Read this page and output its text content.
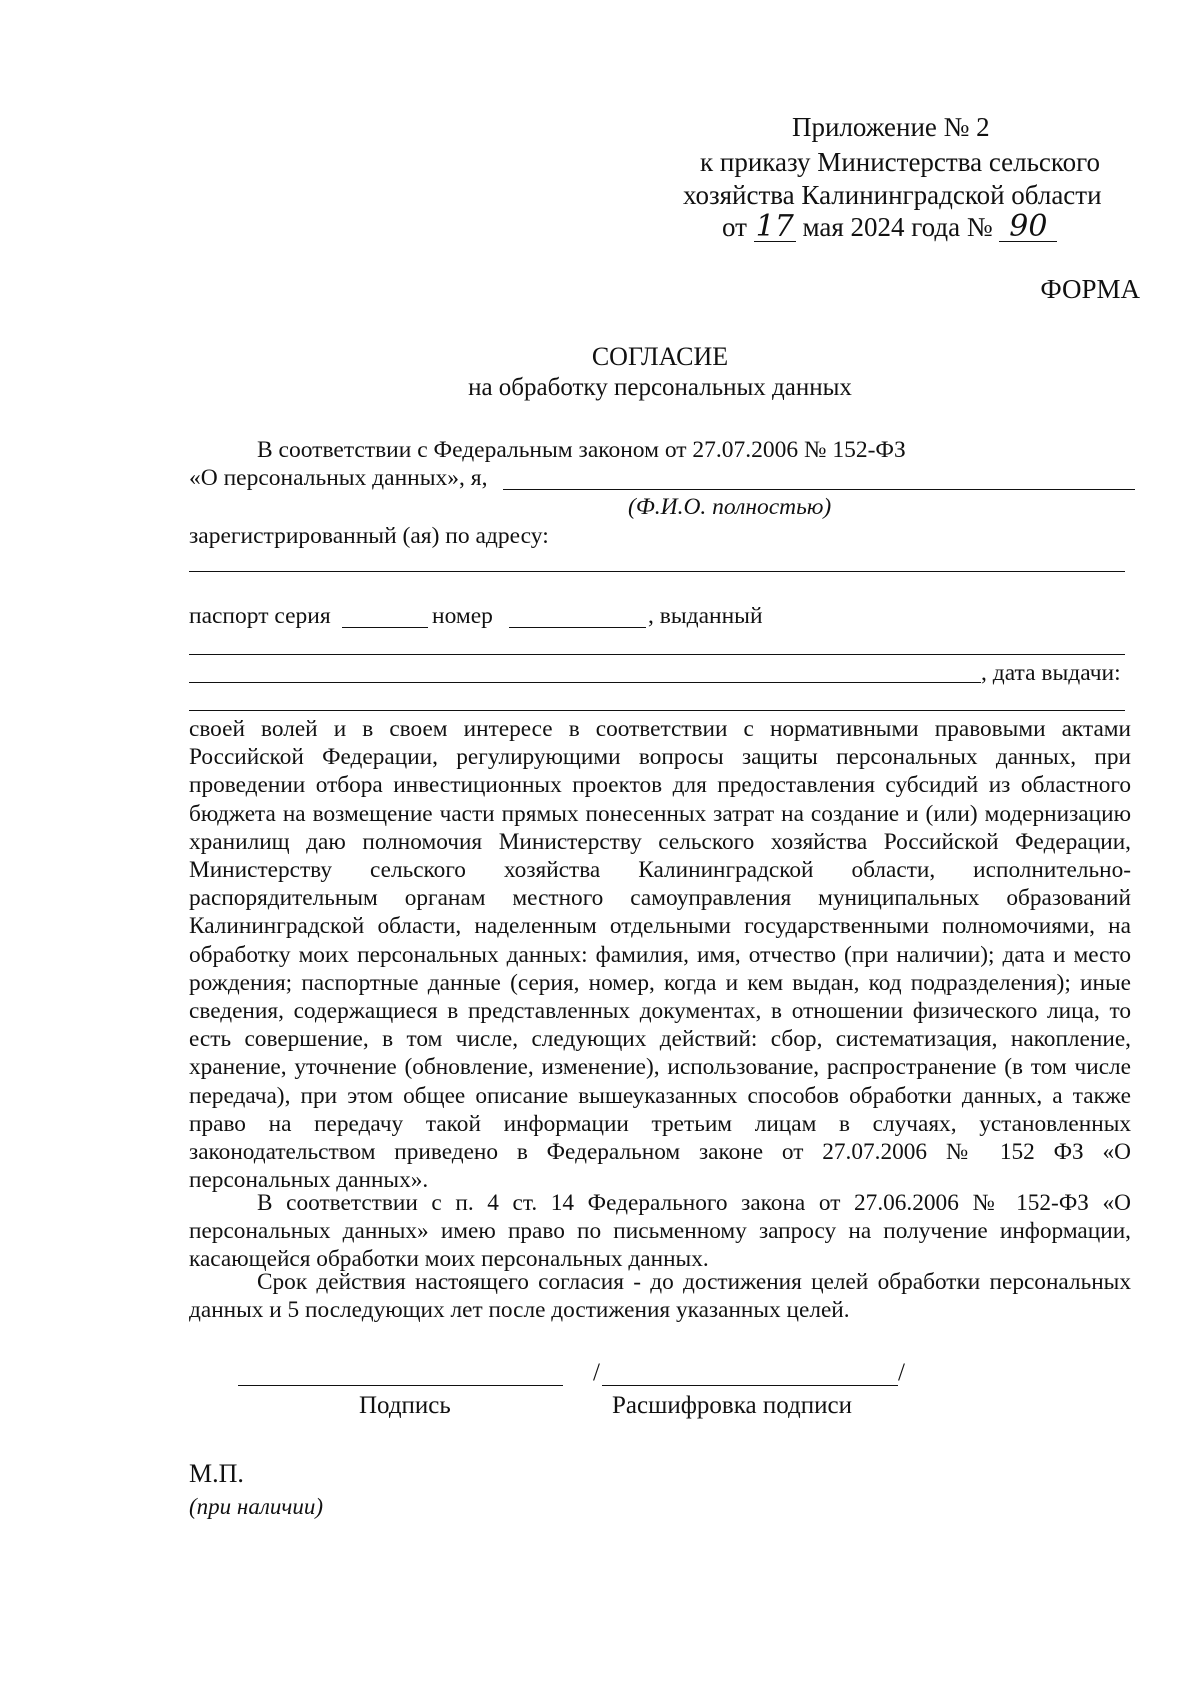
Приложение № 2
к приказу Министерства сельского
хозяйства Калининградской области
от 17 мая 2024 года № 90
ФОРМА
СОГЛАСИЕ
на обработку персональных данных
В соответствии с Федеральным законом от 27.07.2006 № 152-ФЗ
«О персональных данных», я,
(Ф.И.О. полностью)
зарегистрированный (ая) по адресу:
паспорт серия	номер	, выданный
, дата выдачи:
своей волей и в своем интересе в соответствии с нормативными правовыми актами Российской Федерации, регулирующими вопросы защиты персональных данных, при проведении отбора инвестиционных проектов для предоставления субсидий из областного бюджета на возмещение части прямых понесенных затрат на создание и (или) модернизацию хранилищ даю полномочия Министерству сельского хозяйства Российской Федерации, Министерству сельского хозяйства Калининградской области, исполнительно-распорядительным органам местного самоуправления муниципальных образований Калининградской области, наделенным отдельными государственными полномочиями, на обработку моих персональных данных: фамилия, имя, отчество (при наличии); дата и место рождения; паспортные данные (серия, номер, когда и кем выдан, код подразделения); иные сведения, содержащиеся в представленных документах, в отношении физического лица, то есть совершение, в том числе, следующих действий: сбор, систематизация, накопление, хранение, уточнение (обновление, изменение), использование, распространение (в том числе передача), при этом общее описание вышеуказанных способов обработки данных, а также право на передачу такой информации третьим лицам в случаях, установленных законодательством приведено в Федеральном законе от 27.07.2006 № 152 ФЗ «О персональных данных».
В соответствии с п. 4 ст. 14 Федерального закона от 27.06.2006 № 152-ФЗ «О персональных данных» имею право по письменному запросу на получение информации, касающейся обработки моих персональных данных.
Срок действия настоящего согласия - до достижения целей обработки персональных данных и 5 последующих лет после достижения указанных целей.
/	/
Подпись	Расшифровка подписи
М.П.
(при наличии)
